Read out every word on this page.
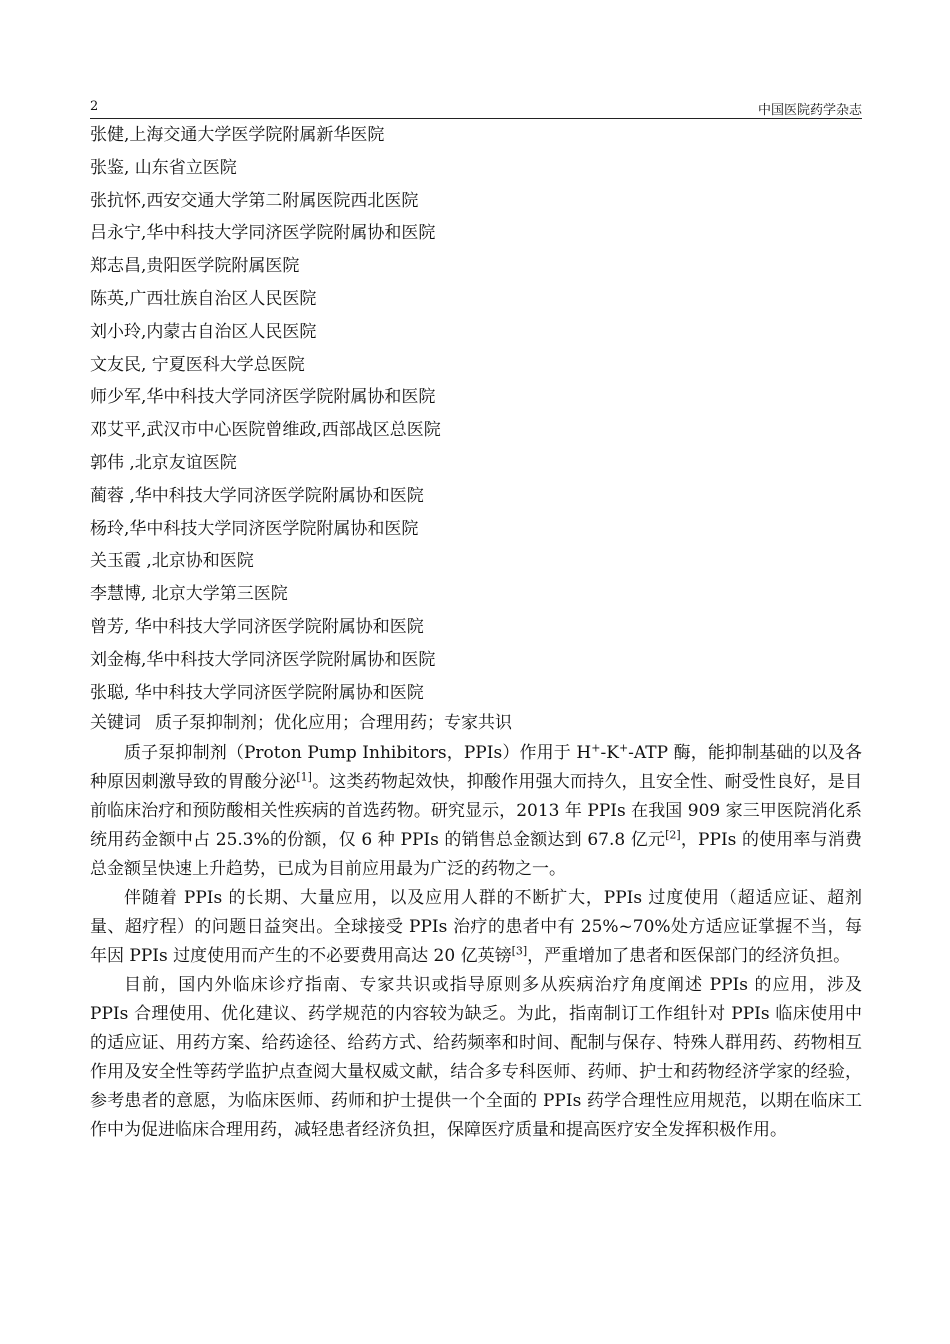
2	中国医院药学杂志
张健,上海交通大学医学院附属新华医院
张鉴, 山东省立医院
张抗怀,西安交通大学第二附属医院西北医院
吕永宁,华中科技大学同济医学院附属协和医院
郑志昌,贵阳医学院附属医院
陈英,广西壮族自治区人民医院
刘小玲,内蒙古自治区人民医院
文友民, 宁夏医科大学总医院
师少军,华中科技大学同济医学院附属协和医院
邓艾平,武汉市中心医院曾维政,西部战区总医院
郭伟 ,北京友谊医院
蔺蓉 ,华中科技大学同济医学院附属协和医院
杨玲,华中科技大学同济医学院附属协和医院
关玉霞 ,北京协和医院
李慧博, 北京大学第三医院
曾芳, 华中科技大学同济医学院附属协和医院
刘金梅,华中科技大学同济医学院附属协和医院
张聪, 华中科技大学同济医学院附属协和医院
关键词 质子泵抑制剂；优化应用；合理用药；专家共识

质子泵抑制剂（Proton Pump Inhibitors，PPIs）作用于 H+-K+-ATP 酶，能抑制基础的以及各种原因刺激导致的胃酸分泌[1]。这类药物起效快，抑酸作用强大而持久，且安全性、耐受性良好，是目前临床治疗和预防酸相关性疾病的首选药物。研究显示，2013 年 PPIs 在我国 909 家三甲医院消化系统用药金额中占 25.3%的份额，仅 6 种 PPIs 的销售总金额达到 67.8 亿元[2]，PPIs 的使用率与消费总金额呈快速上升趋势，已成为目前应用最为广泛的药物之一。

伴随着 PPIs 的长期、大量应用，以及应用人群的不断扩大，PPIs 过度使用（超适应证、超剂量、超疗程）的问题日益突出。全球接受 PPIs 治疗的患者中有 25%~70%处方适应证掌握不当，每年因 PPIs 过度使用而产生的不必要费用高达 20 亿英镑[3]，严重增加了患者和医保部门的经济负担。

目前，国内外临床诊疗指南、专家共识或指导原则多从疾病治疗角度阐述 PPIs 的应用，涉及 PPIs 合理使用、优化建议、药学规范的内容较为缺乏。为此，指南制订工作组针对 PPIs 临床使用中的适应证、用药方案、给药途径、给药方式、给药频率和时间、配制与保存、特殊人群用药、药物相互作用及安全性等药学监护点查阅大量权威文献，结合多专科医师、药师、护士和药物经济学家的经验，参考患者的意愿，为临床医师、药师和护士提供一个全面的 PPIs 药学合理性应用规范，以期在临床工作中为促进临床合理用药，减轻患者经济负担，保障医疗质量和提高医疗安全发挥积极作用。
